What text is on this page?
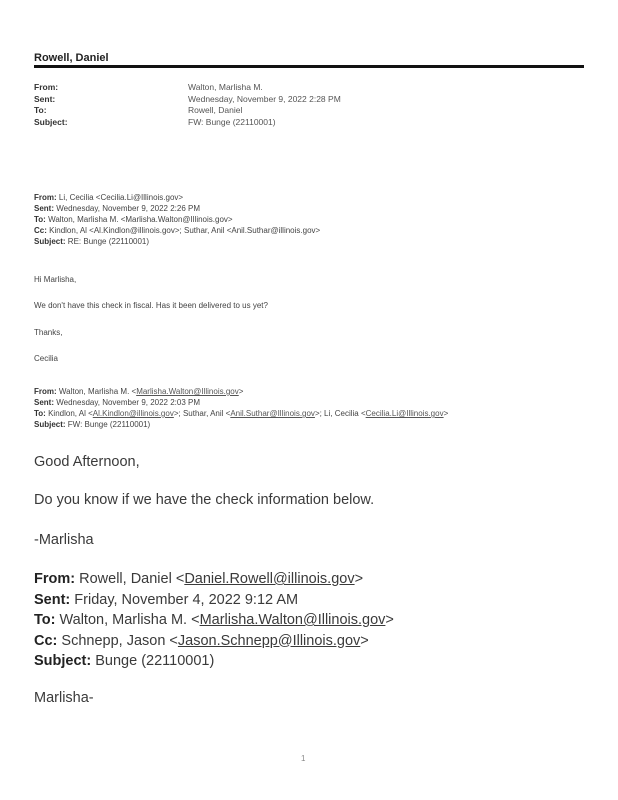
Rowell, Daniel
From:	Walton, Marlisha M.
Sent:	Wednesday, November 9, 2022 2:28 PM
To:	Rowell, Daniel
Subject:	FW: Bunge (22110001)

From: Li, Cecilia <Cecilia.Li@Illinois.gov>

Sent: Wednesday, November 9, 2022 2:26 PM

To: Walton, Marlisha M. <Marlisha.Walton@Illinois.gov>

Cc: Kindlon, Al <Al.Kindlon@illinois.gov>; Suthar, Anil <Anil.Suthar@illinois.gov>

Subject: RE: Bunge (22110001)

Hi Marlisha,
We don't have this check in fiscal. Has it been delivered to us yet?
Thanks,
Cecilia

From: Walton, Marlisha M. <Marlisha.Walton@Illinois.gov>

Sent: Wednesday, November 9, 2022 2:03 PM

To: Kindlon, Al <Al.Kindlon@illinois.gov>; Suthar, Anil <Anil.Suthar@Illinois.gov>; Li, Cecilia <Cecilia.Li@Illinois.gov>

Subject: FW: Bunge (22110001)

Good Afternoon,
Do you know if we have the check information below.
-Marlisha

From: Rowell, Daniel <Daniel.Rowell@illinois.gov>

Sent: Friday, November 4, 2022 9:12 AM

To: Walton, Marlisha M. <Marlisha.Walton@Illinois.gov>

Cc: Schnepp, Jason <Jason.Schnepp@Illinois.gov>

Subject: Bunge (22110001)

Marlisha-
1
